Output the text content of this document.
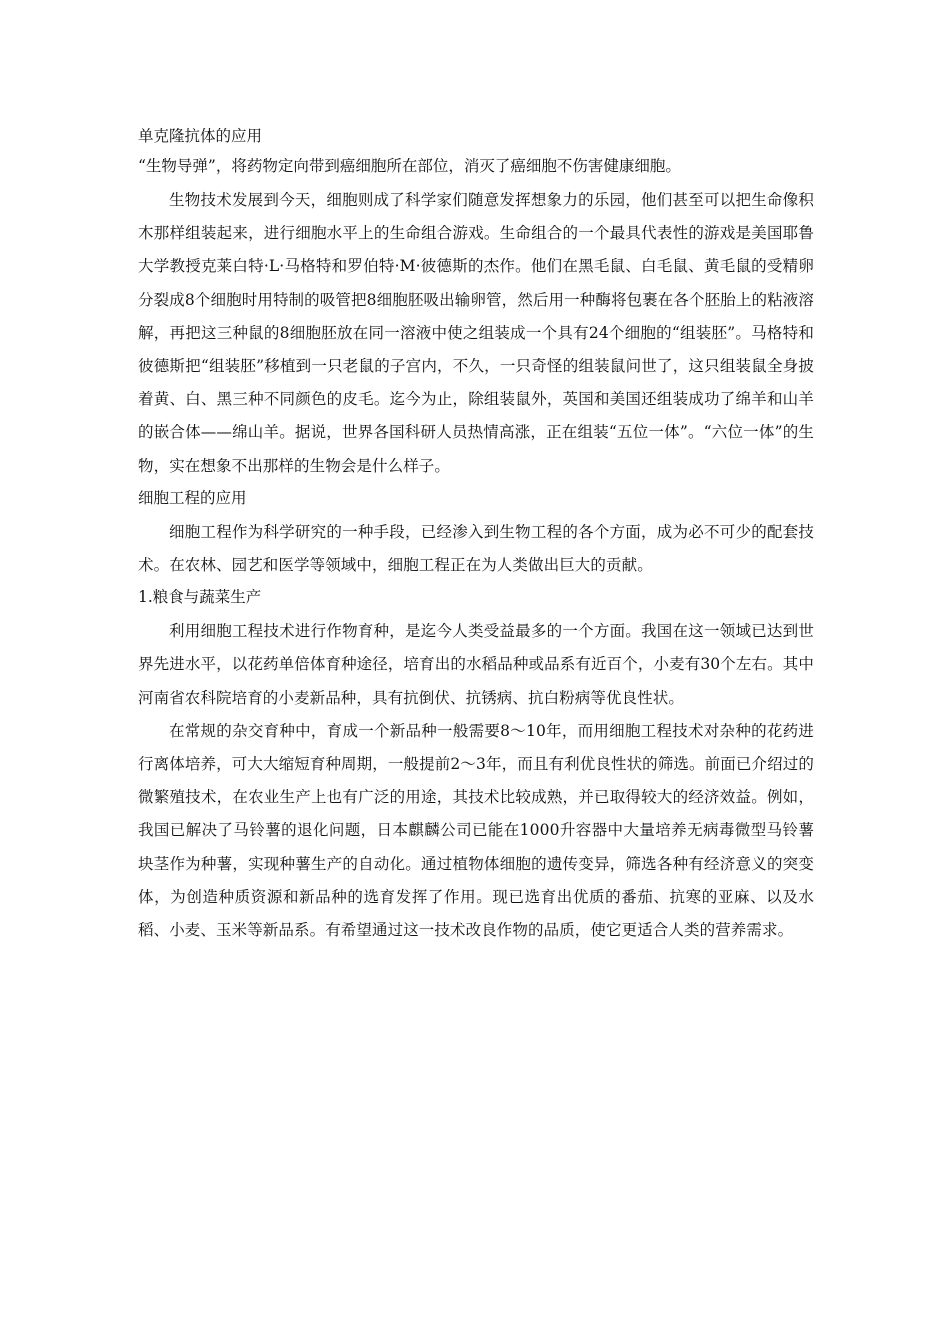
单克隆抗体的应用

“生物导弹”，将药物定向带到癌细胞所在部位，消灭了癌细胞不伤害健康细胞。

生物技术发展到今天，细胞则成了科学家们随意发挥想象力的乐园，他们甚至可以把生命像积木那样组装起来，进行细胞水平上的生命组合游戏。生命组合的一个最具代表性的游戏是美国耶鲁大学教授克莱白特·L·马格特和罗伯特·M·彼德斯的杰作。他们在黑毛鼠、白毛鼠、黄毛鼠的受精卵分裂成8个细胞时用特制的吸管把8细胞胚吸出输卵管，然后用一种酶将包裹在各个胚胎上的粘液溶解，再把这三种鼠的8细胞胚放在同一溶液中使之组装成一个具有24个细胞的“组装胚”。马格特和彼德斯把“组装胚”移植到一只老鼠的子宫内，不久，一只奇怪的组装鼠问世了，这只组装鼠全身披着黄、白、黑三种不同颜色的皮毛。迄今为止，除组装鼠外，英国和美国还组装成功了绵羊和山羊的嵌合体——绵山羊。据说，世界各国科研人员热情高涨，正在组装“五位一体”。“六位一体”的生物，实在想象不出那样的生物会是什么样子。

细胞工程的应用

细胞工程作为科学研究的一种手段，已经渗入到生物工程的各个方面，成为必不可少的配套技术。在农林、园艺和医学等领域中，细胞工程正在为人类做出巨大的贡献。

1.粮食与蔬菜生产

利用细胞工程技术进行作物育种，是迄今人类受益最多的一个方面。我国在这一领域已达到世界先进水平，以花药单倍体育种途径，培育出的水稻品种或品系有近百个，小麦有30个左右。其中河南省农科院培育的小麦新品种，具有抗倒伏、抗锈病、抗白粉病等优良性状。

在常规的杂交育种中，育成一个新品种一般需要8～10年，而用细胞工程技术对杂种的花药进行离体培养，可大大缩短育种周期，一般提前2～3年，而且有利优良性状的筛选。前面已介绍过的微繁殖技术，在农业生产上也有广泛的用途，其技术比较成熟，并已取得较大的经济效益。例如，我国已解决了马铃薯的退化问题，日本麒麟公司已能在1000升容器中大量培养无病毒微型马铃薯块茎作为种薯，实现种薯生产的自动化。通过植物体细胞的遗传变异，筛选各种有经济意义的突变体，为创造种质资源和新品种的选育发挥了作用。现已选育出优质的番茄、抗寒的亚麻、以及水稻、小麦、玉米等新品系。有希望通过这一技术改良作物的品质，使它更适合人类的营养需求。
